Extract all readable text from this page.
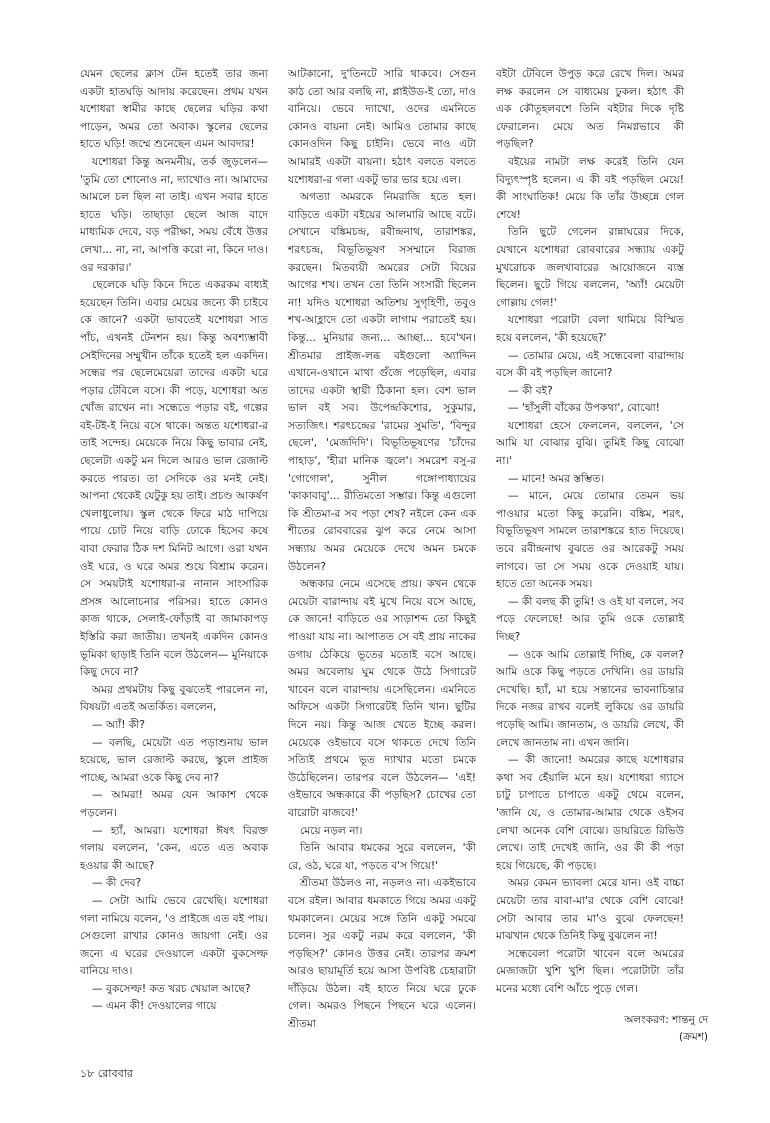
যেমন ছেলের ক্লাস টেন হতেই তার জন্য একটা হাতঘড়ি আদায় করেছেন। প্রথম যখন যশোধরা স্বামীর কাছে ছেলের ঘড়ির কথা পাড়েন, অমর তো অবাক। স্কুলের ছেলের হাতে ঘড়ি! জম্মে শুনেছেন এমন আবদার!

যশোধরা কিন্তু অনমনীয়, তর্ক জুড়লেন— 'তুমি তো শোনোও না, দ্যাখোও না। আমাদের আমলে চল ছিল না তাই। এখন সবার হাতে হাতে ঘড়ি। তাছাড়া ছেলে আজ বাদে মাধ্যমিক দেবে, বড় পরীক্ষা, সময় বেঁধে উত্তর লেখা... না, না, আপত্তি করো না, কিনে দাও। ওর দরকার।'

ছেলেকে ঘড়ি কিনে দিতে একরকম বাধ্যই হয়েছেন তিনি। এবার মেয়ের জন্যে কী চাইবে কে জানে? একটা ভাবতেই যশোধরা সাত পাঁচ, এখনই টেনশন হয়। কিন্তু অবশ্যম্ভাবী সেইদিনের সম্মুখীন তাঁকে হতেই হল একদিন। সন্ধের পর ছেলেমেয়েরা তাদের একটা ঘরে পড়ার টেবিলে বসে। কী পড়ে, যশোধরা অত খোঁজ রাখেন না। সন্ধেতে পড়ার বই, গল্পের বই-টই-ই নিয়ে বসে থাকে। অন্তত যশোধরা-র তাই সন্দেহ। মেয়েকে নিয়ে কিছু ভাবার নেই, ছেলেটা একটু মন দিলে আরও ভাল রেজাল্ট করতে পারত। তা সেদিকে ওর মনই নেই। আপনা থেকেই যেটুকু হয় তাই। প্রচণ্ড আকর্ষণ খেলাধুলোয়। স্কুল থেকে ফিরে মাঠ দাপিয়ে পায়ে চোট নিয়ে বাড়ি ঢোকে হিসেব কষে বাবা ফেরার ঠিক দশ মিনিট আগে। ওরা যখন ওই ঘরে, ও ঘরে অমর শুয়ে বিশ্রাম করেন। সে সময়টাই যশোধরা-র নানান সাংসারিক প্রসঙ্গ আলোচনার পরিসর। হাতে কোনও কাজ থাকে, সেলাই-ফোঁড়াই বা জামাকাপড় ইস্তিরি করা জাতীয়। তখনই একদিন কোনও ভূমিকা ছাড়াই তিনি বলে উঠলেন— মুনিয়াকে কিছু দেবে না?

অমর প্রথমটায় কিছু বুঝতেই পারলেন না, বিষয়টা এতই অতর্কিত। বললেন,

— অ্যাঁ! কী?

— বলছি, মেয়েটা এত পড়াশুনায় ভাল হয়েছে, ভাল রেজাল্ট করছে, স্কুলে প্রাইজ পাচ্ছে, আমরা ওকে কিছু দেব না?

— আমরা! অমর যেন আকাশ থেকে পড়লেন।

— হ্যাঁ, আমরা। যশোধরা ঈষৎ বিরক্ত গলায় বললেন, 'কেন, এতে এত অবাক হওয়ার কী আছে?

— কী দেব?

— সেটা আমি ভেবে রেখেছি। যশোধরা গলা নামিয়ে বলেন, 'ও প্রাইজে এত বই পায়। সেগুলো রাখার কোনও জায়গা নেই। ওর জন্যে এ ঘরের দেওয়ালে একটা বুকসেল্ফ বানিয়ে দাও।

— বুকসেল্ফ! কত খরচ খেয়াল আছে?

— এমন কী! দেওয়ালের গায়ে

আটকানো, দু'তিনটে সারি থাকবে। সেগুন কাঠ তো আর বলছি না, প্লাইউড-ই তো, দাও বানিয়ে। ভেবে দ্যাখো, ওদের এমনিতে কোনও বায়না নেই। আমিও তোমার কাছে কোনওদিন কিছু চাইনি। ভেবে নাও এটা আমারই একটা বায়না। হঠাৎ বলতে বলতে যশোধরা-র গলা একটু ভার ভার হয়ে এল।

অগত্যা অমরকে নিমরাজি হতে হল। বাড়িতে একটা বইয়ের আলমারি আছে বটে। সেখানে বঙ্কিমচন্দ্র, রবীন্দ্রনাথ, তারাশঙ্কর, শরৎচন্দ্র, বিভূতিভূষণ সসম্মানে বিরাজ করছেন। মিতব্যয়ী অমরের সেটা বিয়ের আগের শখ। তখন তো তিনি সংসারী ছিলেন না! যদিও যশোধরা অতিশয় সুগৃহিণী, তবুও শখ-আহ্লাদে তো একটা লাগাম পরাতেই হয়। কিন্তু... মুনিয়ার জন্য... আচ্ছা... হবে'খন। শ্রীতমার প্রাইজ-লব্ধ বইগুলো অ্যাদ্দিন এখানে-ওখানে মাথা গুঁজে পড়েছিল, এবার তাদের একটা স্থায়ী ঠিকানা হল। বেশ ভাল ভাল বই সব। উপেন্দ্রকিশোর, সুকুমার, সত্যজিৎ। শরৎচন্দ্রের 'রামের সুমতি', 'বিন্দুর ছেলে', 'মেজদিদি'। বিভূতিভূষণের 'চাঁদের পাহাড়', 'হীরা মানিক জ্বলে'। সমরেশ বসু-র 'গোগোল', সুনীল গঙ্গোপাধ্যায়ের 'কাকাবাবু'... রীতিমতো সম্ভার। কিন্তু এগুলো কি শ্রীতমা-র সব পড়া শেষ? নইলে কেন এক শীতের রোববারের ঝুপ করে নেমে আসা সন্ধ্যায় অমর মেয়েকে দেখে অমন চমকে উঠলেন?

অন্ধকার নেমে এসেছে প্রায়। কখন থেকে মেয়েটা বারান্দায় বই মুখে নিয়ে বসে আছে, কে জানে! বাড়িতে ওর সাড়াশব্দ তো কিছুই পাওয়া যায় না। আপাতত সে বই প্রায় নাকের ডগায় ঠেকিয়ে ভূতের মতোই বসে আছে। অমর অবেলায় ঘুম থেকে উঠে সিগারেট খাবেন বলে বারান্দায় এসেছিলেন। এমনিতে অফিসে একটা সিগারেটই তিনি খান। ছুটির দিনে নয়। কিন্তু আজ খেতে ইচ্ছে করল। মেয়েকে ওইভাবে বসে থাকতে দেখে তিনি সত্যিই প্রথমে ভূত দ্যাখার মতো চমকে উঠেছিলেন। তারপর বলে উঠলেন— 'এই! ওইভাবে অন্ধকারে কী পড়ছিস? চোখের তো বারোটা বাজবে!'

মেয়ে নড়ল না।

তিনি আবার ধমকের সুরে বললেন, 'কী রে, ওঠ, ঘরে যা, পড়তে ব'স গিয়ে!'

শ্রীতমা উঠলও না, নড়লও না। একইভাবে বসে রইল। আবার ধমকাতে গিয়ে অমর একটু থমকালেন। মেয়ের সঙ্গে তিনি একটু সমঝে চলেন। সুর একটু নরম করে বললেন, 'কী পড়ছিস?' কোনও উত্তর নেই। তারপর ক্রমশ আরও ছায়ামূর্তি হয়ে আসা উপবিষ্ট চেহারাটা দাঁড়িয়ে উঠল। বই হাতে নিয়ে ঘরে ঢুকে গেল। অমরও পিছনে পিছনে ঘরে এলেন। শ্রীতমা

বইটা টেবিলে উপুড় করে রেখে দিল। অমর লক্ষ করলেন সে বাধ্যমেয় ঢুকল। হঠাৎ কী এক কৌতূহলবশে তিনি বইটার দিকে দৃষ্টি ফেরালেন। মেয়ে অত নিমগ্নভাবে কী পড়ছিল?

বইয়ের নামটা লক্ষ করেই তিনি যেন বিদ্যুৎস্পৃষ্ট হলেন। এ কী বই পড়ছিল মেয়ে! কী সাংঘাতিক! মেয়ে কি তাঁর উচ্ছন্নে গেল শেষে!

তিনি ছুটে গেলেন রান্নাঘরের দিকে, যেখানে যশোধরা রোববারের সন্ধ্যায় একটু মুখরোচক জলখাবারের আয়োজনে ব্যস্ত ছিলেন। ছুটে গিয়ে বললেন, 'অ্যাঁ! মেয়েটা গোল্লায় গেল!'

যশোধরা পরোটা বেলা থামিয়ে বিস্মিত হয়ে বললেন, 'কী হয়েছে?'

— তোমার মেয়ে, এই সন্ধেবেলা বারান্দায় বসে কী বই পড়ছিল জানো?

— কী বই?

— 'হাঁসুলী বাঁকের উপকথা', বোঝো!

যশোধরা হেসে ফেললেন, বললেন, 'সে আমি যা বোঝার বুঝি। তুমিই কিছু বোঝো না।'

— মানে! অমর স্তম্ভিত।

— মানে, মেয়ে তোমার তেমন ভয় পাওয়ার মতো কিছু করেনি। বঙ্কিম, শরৎ, বিভূতিভূষণ সামলে তারাশঙ্করে হাত দিয়েছে। তবে রবীন্দ্রনাথ বুঝতে ওর আরেকটু সময় লাগবে। তা সে সময় ওকে দেওয়াই যায়। হাতে তো অনেক সময়।

— কী বলছ কী তুমি! ও ওই যা বললে, সব পড়ে ফেলেছে! আর তুমি ওকে তোল্লাই দিচ্ছ?

— ওকে আমি তোল্লাই দিচ্ছি, কে বলল? আমি ওকে কিছু পড়তে দেখিনি। ওর ডায়রি দেখেছি। হ্যাঁ, মা হয়ে সন্তানের ভাবনাচিন্তার দিকে নজর রাখব বলেই লুকিয়ে ওর ডায়রি পড়েছি আমি। জানতাম, ও ডায়রি লেখে, কী লেখে জানতাম না। এখন জানি।

— কী জানো! অমরের কাছে যশোধরার কথা সব হেঁয়ালি মনে হয়। যশোধরা গ্যাসে চাটু চাপাতে চাপাতে একটু থেমে বলেন, 'জানি যে, ও তোমার-আমার থেকে ওইসব লেখা অনেক বেশি বোঝে। ডায়রিতে রিভিউ লেখে। তাই দেখেই জানি, ওর কী কী পড়া হয়ে গিয়েছে, কী পড়ছে।

অমর কেমন ভ্যাবলা মেরে যান। ওই বাচ্চা মেয়েটা তার বাবা-মা'র থেকে বেশি বোঝে! সেটা আবার তার মা'ও বুঝে ফেলছেন! মাঝখান থেকে তিনিই কিছু বুঝলেন না!

সন্ধেবেলা পরোটা খাবেন বলে অমরের মেজাজটা খুশি খুশি ছিল। পরোটাটা তাঁর মনের মধ্যে বেশি আঁচে পুড়ে গেল।

অলংকরণ: শান্তনু দে
(ক্রমশ)
১৮ রোববার
